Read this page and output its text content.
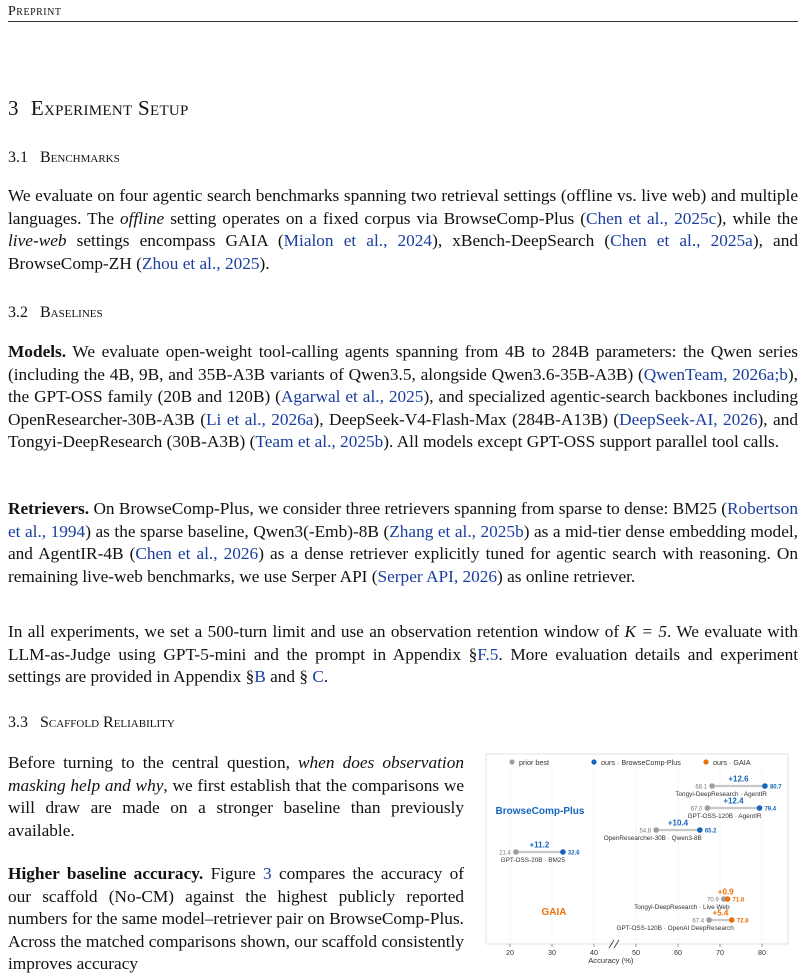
Preprint
3 Experiment Setup
3.1 Benchmarks

We evaluate on four agentic search benchmarks spanning two retrieval settings (offline vs. live web) and multiple languages. The offline setting operates on a fixed corpus via BrowseComp-Plus (Chen et al., 2025c), while the live-web settings encompass GAIA (Mialon et al., 2024), xBench-DeepSearch (Chen et al., 2025a), and BrowseComp-ZH (Zhou et al., 2025).

3.2 Baselines

Models. We evaluate open-weight tool-calling agents spanning from 4B to 284B parameters: the Qwen series (including the 4B, 9B, and 35B-A3B variants of Qwen3.5, alongside Qwen3.6-35B-A3B) (QwenTeam, 2026a;b), the GPT-OSS family (20B and 120B) (Agarwal et al., 2025), and specialized agentic-search backbones including OpenResearcher-30B-A3B (Li et al., 2026a), DeepSeek-V4-Flash-Max (284B-A13B) (DeepSeek-AI, 2026), and Tongyi-DeepResearch (30B-A3B) (Team et al., 2025b). All models except GPT-OSS support parallel tool calls.

Retrievers. On BrowseComp-Plus, we consider three retrievers spanning from sparse to dense: BM25 (Robertson et al., 1994) as the sparse baseline, Qwen3(-Emb)-8B (Zhang et al., 2025b) as a mid-tier dense embedding model, and AgentIR-4B (Chen et al., 2026) as a dense retriever explicitly tuned for agentic search with reasoning. On remaining live-web benchmarks, we use Serper API (Serper API, 2026) as online retriever.

In all experiments, we set a 500-turn limit and use an observation retention window of K = 5. We evaluate with LLM-as-Judge using GPT-5-mini and the prompt in Appendix §F.5. More evaluation details and experiment settings are provided in Appendix §B and § C.

3.3 Scaffold Reliability

Before turning to the central question, when does observation masking help and why, we first establish that the comparisons we will draw are made on a stronger baseline than previously available.

Higher baseline accuracy. Figure 3 compares the accuracy of our scaffold (No-CM) against the highest publicly reported numbers for the same model–retriever pair on BrowseComp-Plus. Across the matched comparisons shown, our scaffold consistently improves accuracy

prior best	ours · BrowseComp-Plus	ours · GAIA
20	30	40	50	60	70	80
Accuracy (%)
BrowseComp-Plus
68.1	80.7
+12.6
Tongyi-DeepResearch · AgentIR
67.0	79.4
+12.4
GPT-OSS-120B · AgentIR
54.8	65.2
+10.4
OpenResearcher-30B · Qwen3-8B
21.4	32.6
+11.2
GPT-OSS-20B · BM25
GAIA
70.9 71.8
+0.9
Tongyi-DeepResearch · Live Web
67.4	72.8
+5.4
GPT-OSS-120B · OpenAI DeepResearch
